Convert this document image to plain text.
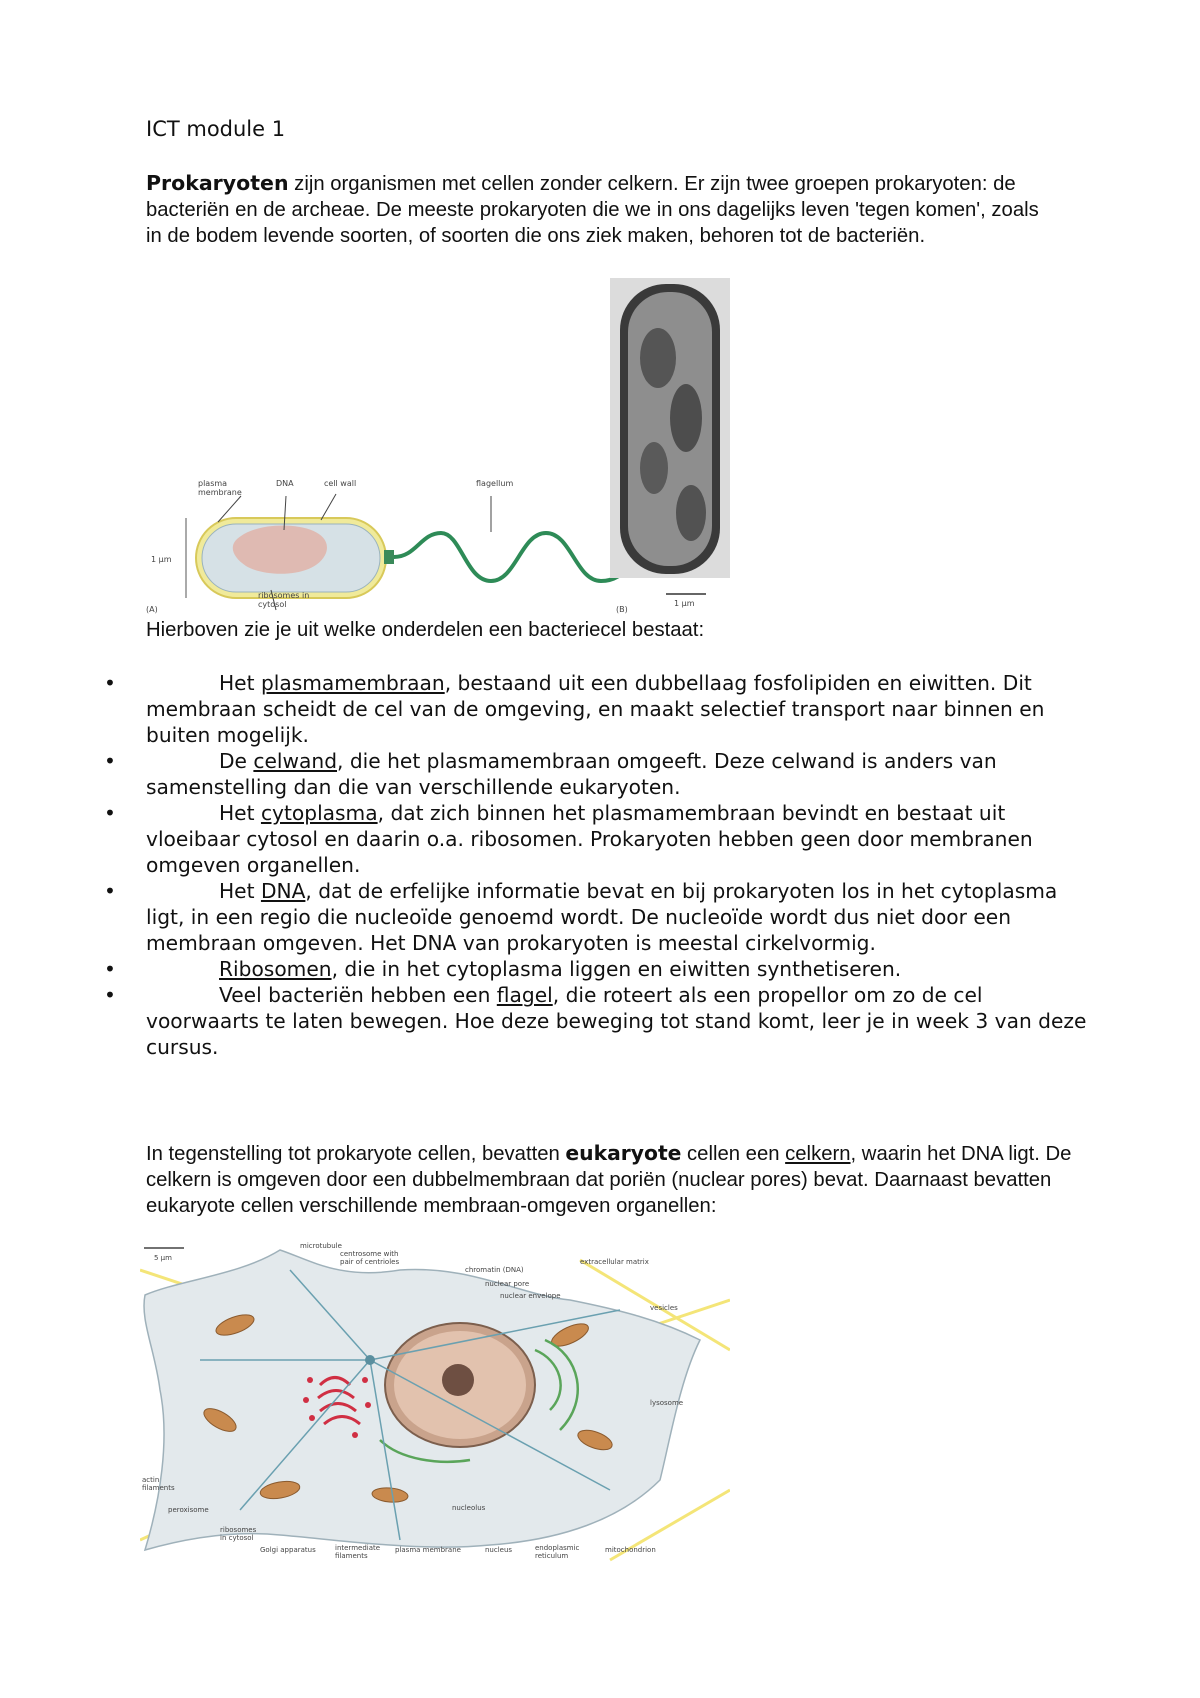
ICT module 1

Prokaryoten zijn organismen met cellen zonder celkern. Er zijn twee groepen prokaryoten: de bacteriën en de archeae. De meeste prokaryoten die we in ons dagelijks leven 'tegen komen', zoals in de bodem levende soorten, of soorten die ons ziek maken, behoren tot de bacteriën.

plasma
membrane
DNA	cell wall	flagellum
1 µm
ribosomes in
cytosol
(A)	(B)
1 µm
Hierboven zie je uit welke onderdelen een bacteriecel bestaat:
•	Het plasmamembraan, bestaand uit een dubbellaag fosfolipiden en eiwitten. Dit membraan scheidt de cel van de omgeving, en maakt selectief transport naar binnen en buiten mogelijk.
•	De celwand, die het plasmamembraan omgeeft. Deze celwand is anders van samenstelling dan die van verschillende eukaryoten.
•	Het cytoplasma, dat zich binnen het plasmamembraan bevindt en bestaat uit vloeibaar cytosol en daarin o.a. ribosomen. Prokaryoten hebben geen door membranen omgeven organellen.
•	Het DNA, dat de erfelijke informatie bevat en bij prokaryoten los in het cytoplasma ligt, in een regio die nucleoïde genoemd wordt. De nucleoïde wordt dus niet door een membraan omgeven. Het DNA van prokaryoten is meestal cirkelvormig.
•	Ribosomen, die in het cytoplasma liggen en eiwitten synthetiseren.
•	Veel bacteriën hebben een flagel, die roteert als een propellor om zo de cel voorwaarts te laten bewegen. Hoe deze beweging tot stand komt, leer je in week 3 van deze cursus.

In tegenstelling tot prokaryote cellen, bevatten eukaryote cellen een celkern, waarin het DNA ligt. De celkern is omgeven door een dubbelmembraan dat poriën (nuclear pores) bevat. Daarnaast bevatten eukaryote cellen verschillende membraan-omgeven organellen:

5 µm
microtubule
centrosome with
pair of centrioles
chromatin (DNA)
nuclear pore
nuclear envelope
extracellular matrix
vesicles
lysosome
actin
filaments
peroxisome
ribosomes
in cytosol
Golgi apparatus	intermediate
filaments
plasma membrane
nucleolus
nucleus	endoplasmic
reticulum
mitochondrion
